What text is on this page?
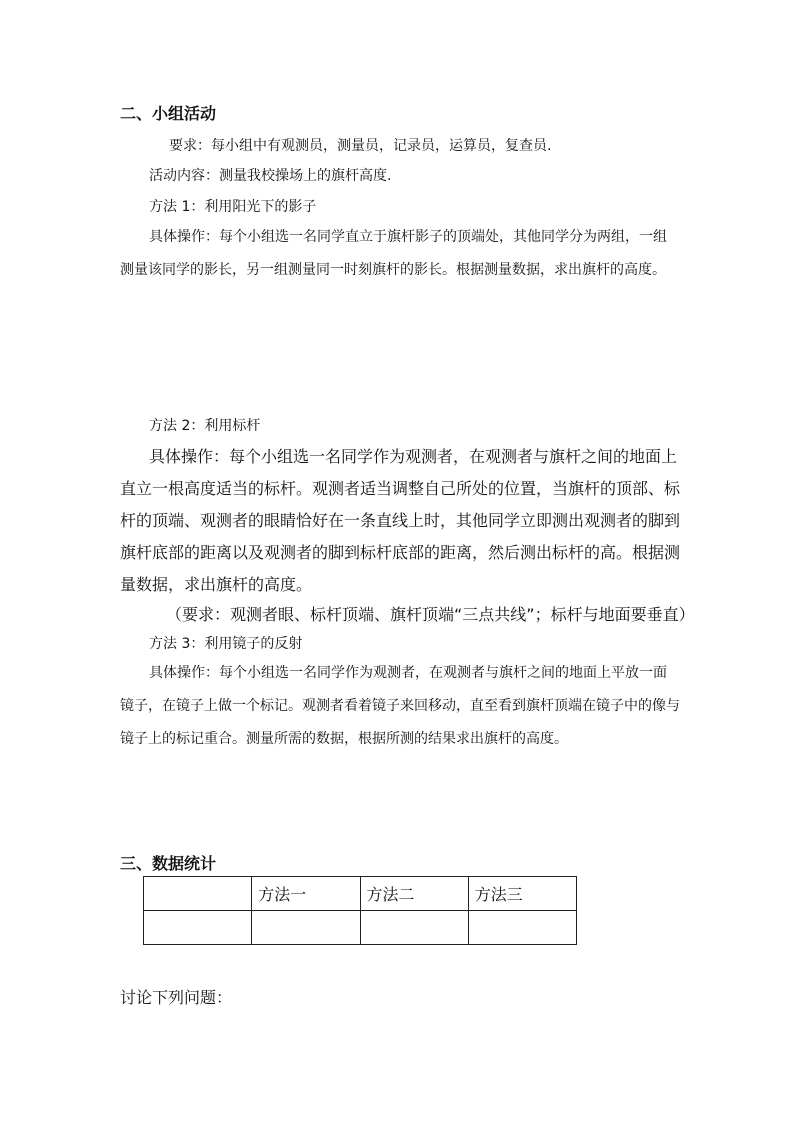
二、小组活动
要求：每小组中有观测员，测量员，记录员，运算员，复查员.
活动内容：测量我校操场上的旗杆高度.
方法 1：利用阳光下的影子
具体操作：每个小组选一名同学直立于旗杆影子的顶端处，其他同学分为两组，一组
测量该同学的影长，另一组测量同一时刻旗杆的影长。根据测量数据，求出旗杆的高度。
方法 2：利用标杆
具体操作：每个小组选一名同学作为观测者，在观测者与旗杆之间的地面上
直立一根高度适当的标杆。观测者适当调整自己所处的位置，当旗杆的顶部、标
杆的顶端、观测者的眼睛恰好在一条直线上时，其他同学立即测出观测者的脚到
旗杆底部的距离以及观测者的脚到标杆底部的距离，然后测出标杆的高。根据测
量数据，求出旗杆的高度。
（要求：观测者眼、标杆顶端、旗杆顶端“三点共线”；标杆与地面要垂直）
方法 3：利用镜子的反射
具体操作：每个小组选一名同学作为观测者，在观测者与旗杆之间的地面上平放一面
镜子，在镜子上做一个标记。观测者看着镜子来回移动，直至看到旗杆顶端在镜子中的像与
镜子上的标记重合。测量所需的数据，根据所测的结果求出旗杆的高度。
三、数据统计
	方法一	方法二	方法三

讨论下列问题：
